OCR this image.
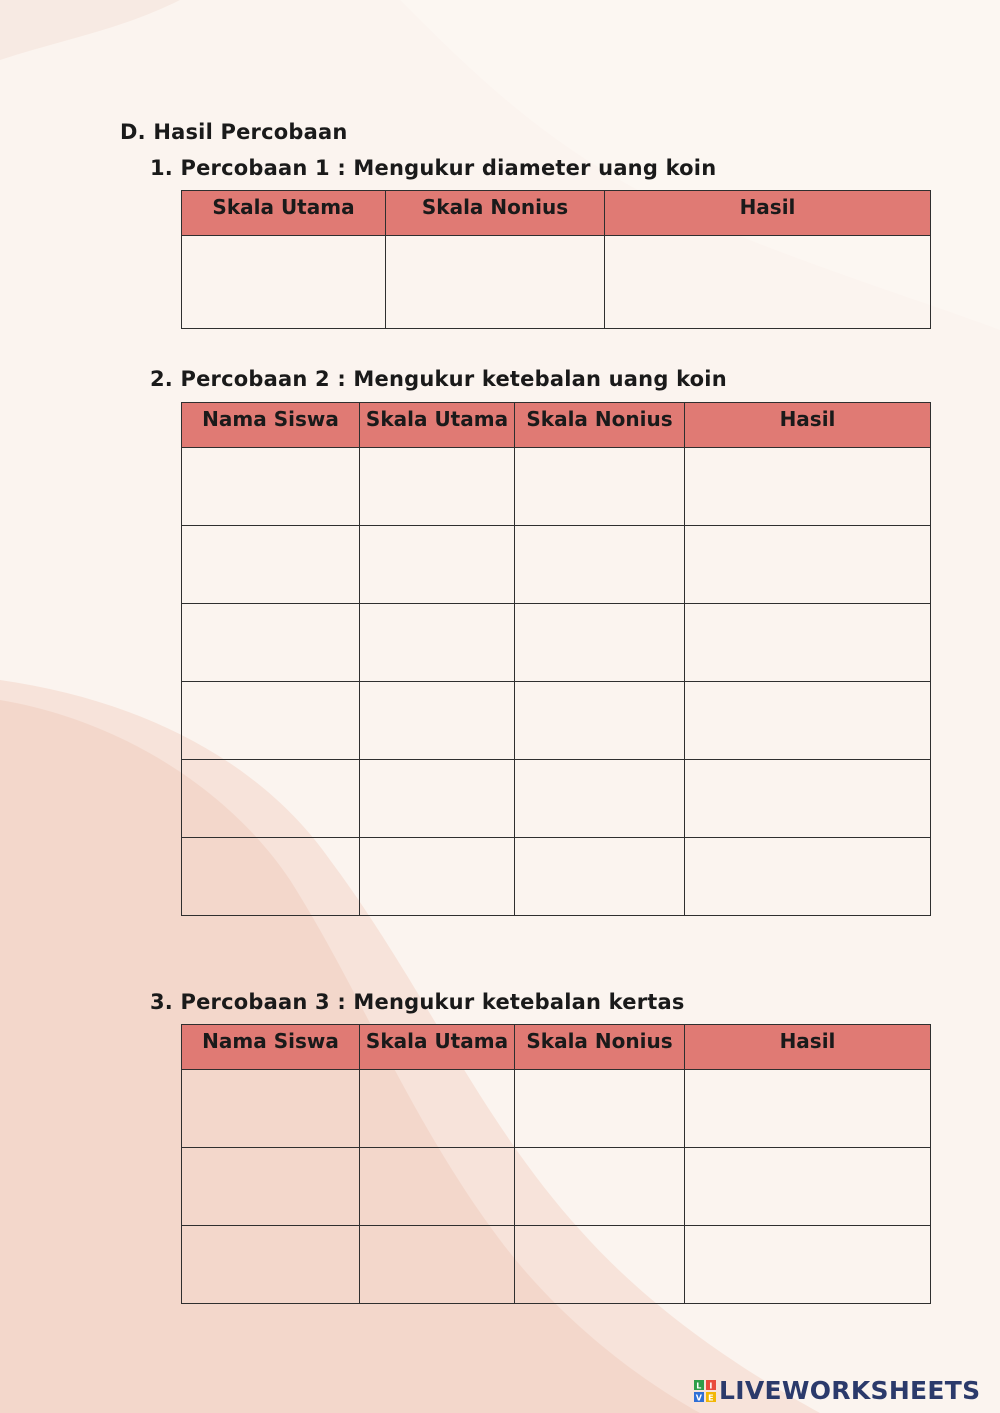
D. Hasil Percobaan
1. Percobaan 1 : Mengukur diameter uang koin
Skala Utama	Skala Nonius	Hasil

2. Percobaan 2 : Mengukur ketebalan uang koin
Nama Siswa	Skala Utama	Skala Nonius	Hasil

3. Percobaan 3 : Mengukur ketebalan kertas
Nama Siswa	Skala Utama	Skala Nonius	Hasil

L I
V E LIVEWORKSHEETS
